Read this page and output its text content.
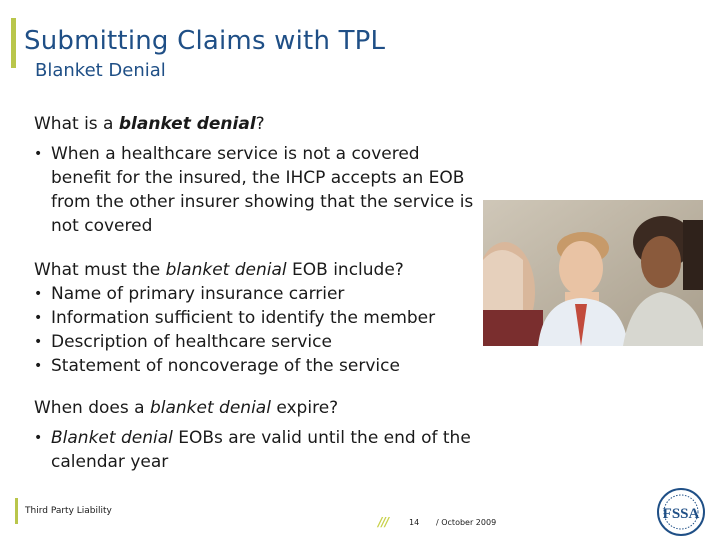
Submitting Claims with TPL
Blanket Denial

What is a blanket denial?

• When a healthcare service is not a covered benefit for the insured, the IHCP accepts an EOB from the other insurer showing that the service is not covered

What must the blanket denial EOB include?

• Name of primary insurance carrier
• Information sufficient to identify the member
• Description of healthcare service
• Statement of noncoverage of the service

When does a blanket denial expire?

• Blanket denial EOBs are valid until the end of the calendar year
Third Party Liability
///	14 / October 2009
FSSA
